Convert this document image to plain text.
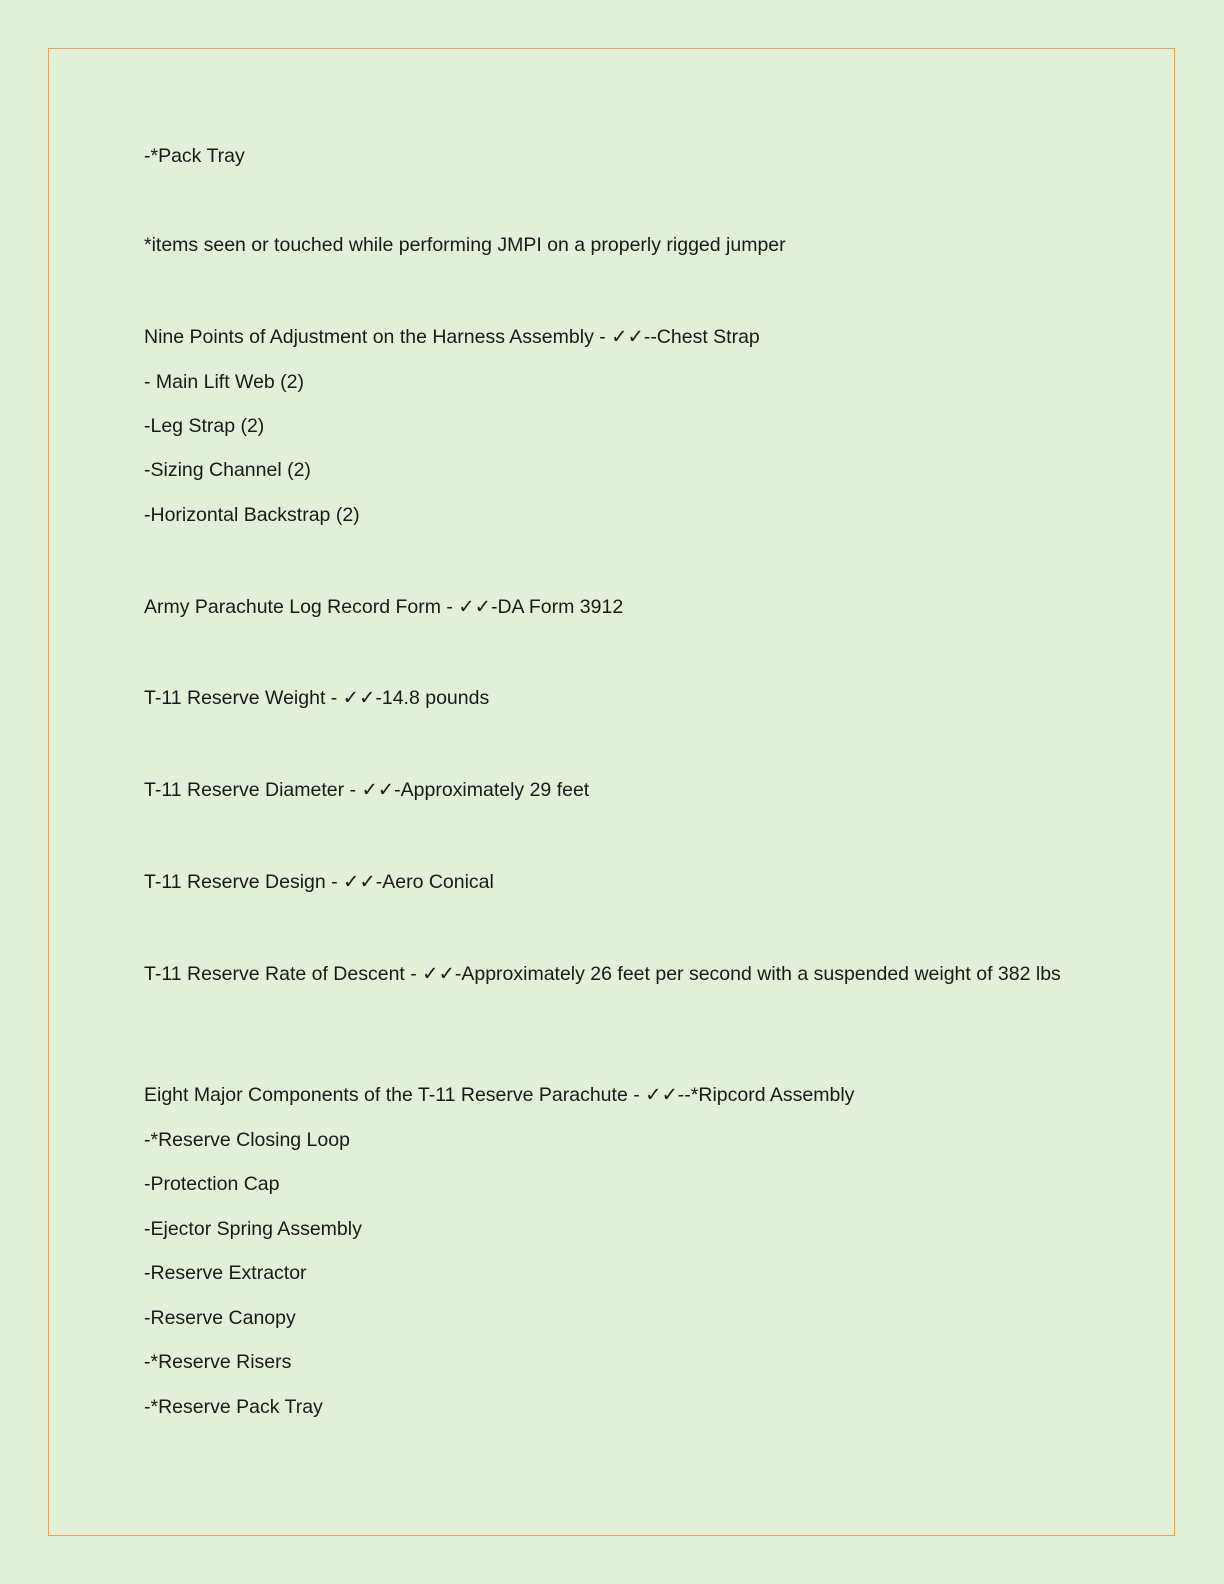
-*Pack Tray
*items seen or touched while performing JMPI on a properly rigged jumper
Nine Points of Adjustment on the Harness Assembly - ✓✓--Chest Strap
- Main Lift Web (2)
-Leg Strap (2)
-Sizing Channel (2)
-Horizontal Backstrap (2)
Army Parachute Log Record Form - ✓✓-DA Form 3912
T-11 Reserve Weight - ✓✓-14.8 pounds
T-11 Reserve Diameter - ✓✓-Approximately 29 feet
T-11 Reserve Design - ✓✓-Aero Conical
T-11 Reserve Rate of Descent - ✓✓-Approximately 26 feet per second with a suspended weight of 382 lbs
Eight Major Components of the T-11 Reserve Parachute - ✓✓--*Ripcord Assembly
-*Reserve Closing Loop
-Protection Cap
-Ejector Spring Assembly
-Reserve Extractor
-Reserve Canopy
-*Reserve Risers
-*Reserve Pack Tray
